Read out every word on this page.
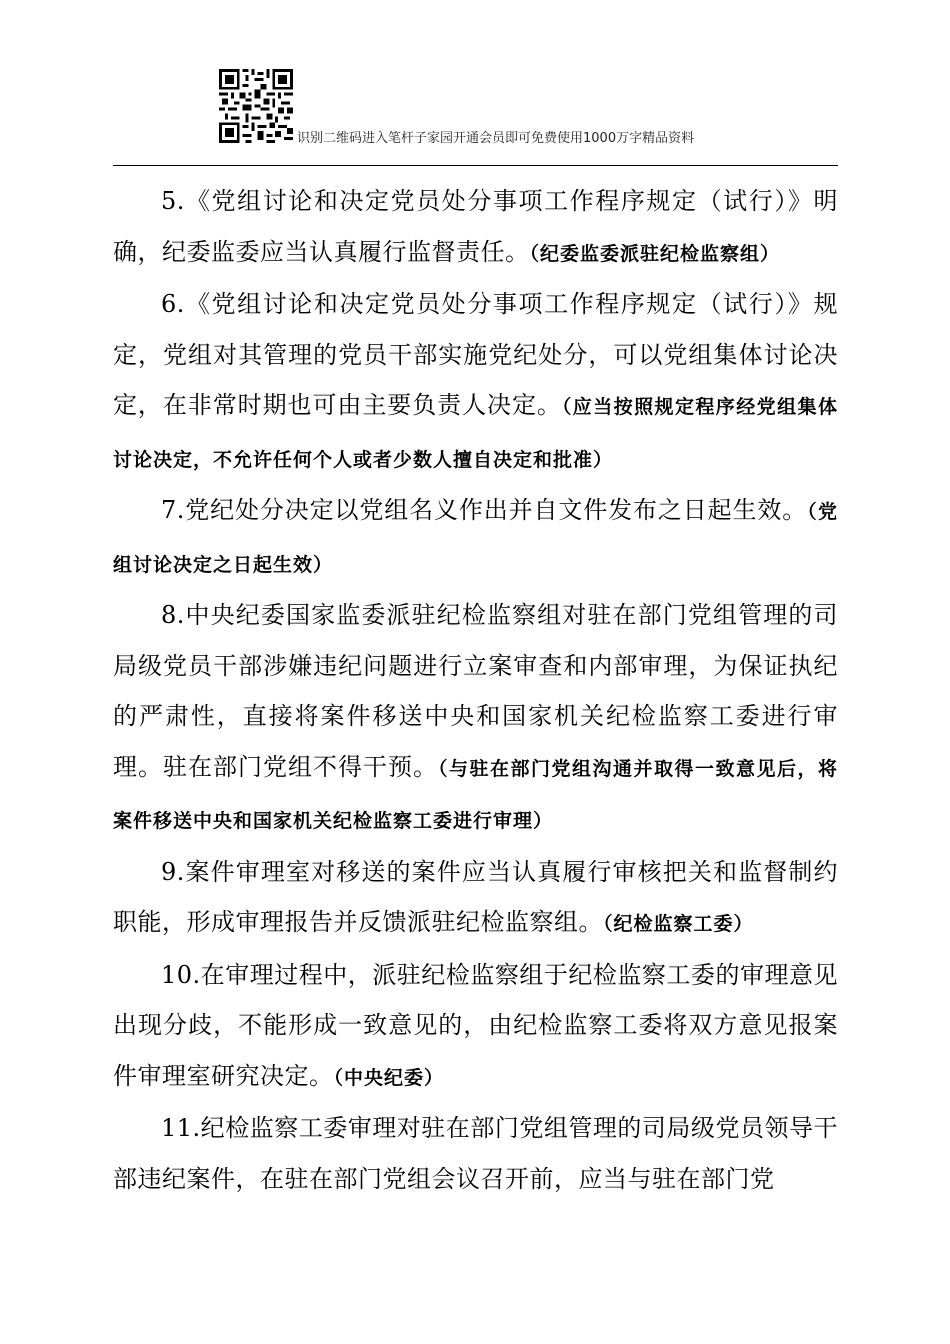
识别二维码进入笔杆子家园开通会员即可免费使用1000万字精品资料

5.《党组讨论和决定党员处分事项工作程序规定（试行）》明确，纪委监委应当认真履行监督责任。（纪委监委派驻纪检监察组）

6.《党组讨论和决定党员处分事项工作程序规定（试行）》规定，党组对其管理的党员干部实施党纪处分，可以党组集体讨论决定，在非常时期也可由主要负责人决定。（应当按照规定程序经党组集体讨论决定，不允许任何个人或者少数人擅自决定和批准）

7.党纪处分决定以党组名义作出并自文件发布之日起生效。（党组讨论决定之日起生效）

8.中央纪委国家监委派驻纪检监察组对驻在部门党组管理的司局级党员干部涉嫌违纪问题进行立案审查和内部审理，为保证执纪的严肃性，直接将案件移送中央和国家机关纪检监察工委进行审理。驻在部门党组不得干预。（与驻在部门党组沟通并取得一致意见后，将案件移送中央和国家机关纪检监察工委进行审理）

9.案件审理室对移送的案件应当认真履行审核把关和监督制约职能，形成审理报告并反馈派驻纪检监察组。（纪检监察工委）

10.在审理过程中，派驻纪检监察组于纪检监察工委的审理意见出现分歧，不能形成一致意见的，由纪检监察工委将双方意见报案件审理室研究决定。（中央纪委）

11.纪检监察工委审理对驻在部门党组管理的司局级党员领导干部违纪案件，在驻在部门党组会议召开前，应当与驻在部门党
